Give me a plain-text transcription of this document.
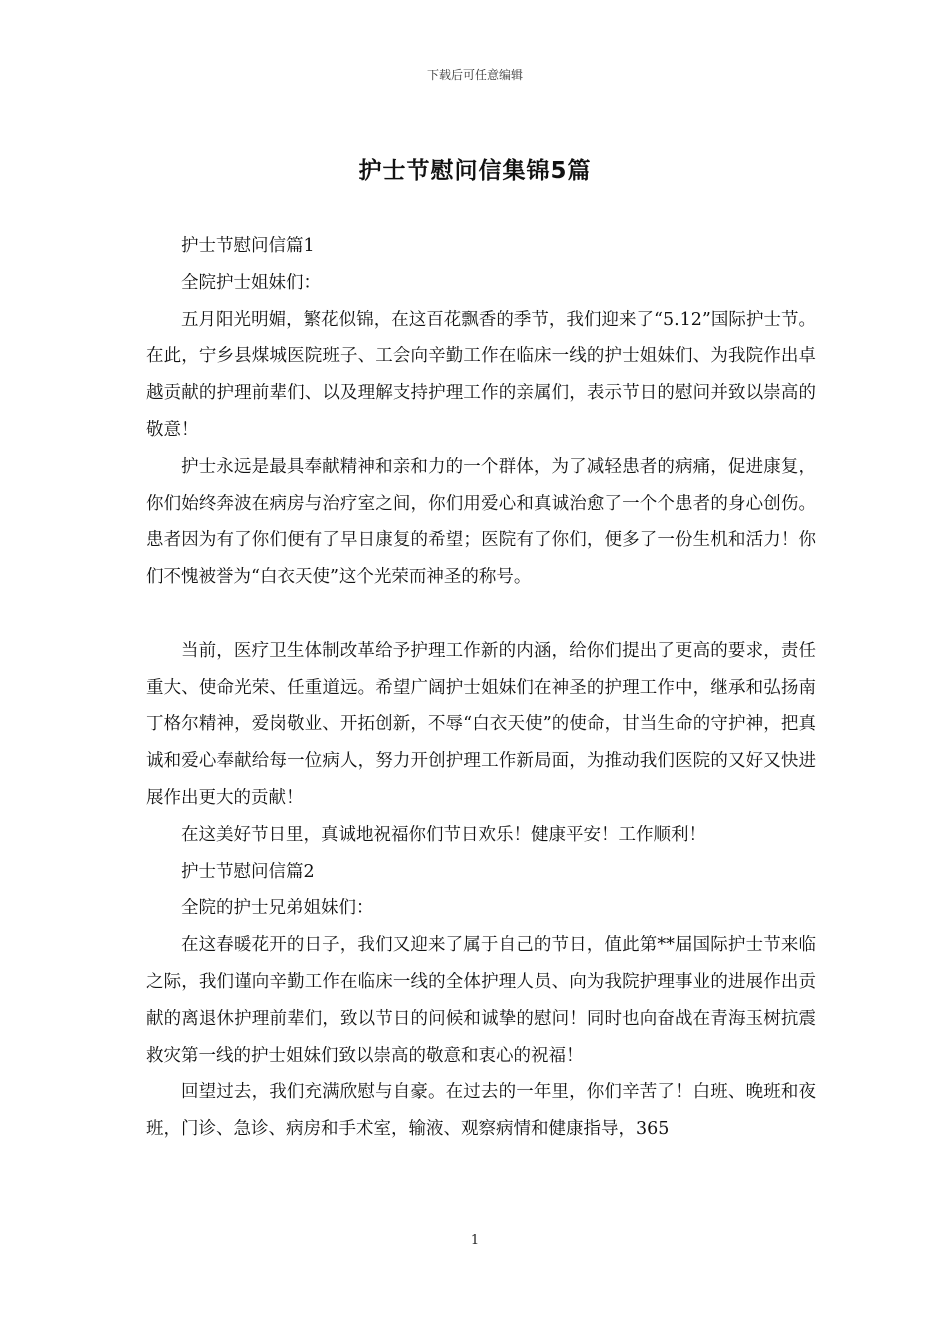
下载后可任意编辑
护士节慰问信集锦5篇

护士节慰问信篇1

全院护士姐妹们：

五月阳光明媚，繁花似锦，在这百花飘香的季节，我们迎来了“5.12”国际护士节。在此，宁乡县煤城医院班子、工会向辛勤工作在临床一线的护士姐妹们、为我院作出卓越贡献的护理前辈们、以及理解支持护理工作的亲属们，表示节日的慰问并致以崇高的敬意！

护士永远是最具奉献精神和亲和力的一个群体，为了减轻患者的病痛，促进康复，你们始终奔波在病房与治疗室之间，你们用爱心和真诚治愈了一个个患者的身心创伤。患者因为有了你们便有了早日康复的希望；医院有了你们，便多了一份生机和活力！你们不愧被誉为“白衣天使”这个光荣而神圣的称号。

当前，医疗卫生体制改革给予护理工作新的内涵，给你们提出了更高的要求，责任重大、使命光荣、任重道远。希望广阔护士姐妹们在神圣的护理工作中，继承和弘扬南丁格尔精神，爱岗敬业、开拓创新，不辱“白衣天使”的使命，甘当生命的守护神，把真诚和爱心奉献给每一位病人，努力开创护理工作新局面，为推动我们医院的又好又快进展作出更大的贡献！

在这美好节日里，真诚地祝福你们节日欢乐！健康平安！工作顺利！

护士节慰问信篇2

全院的护士兄弟姐妹们：

在这春暖花开的日子，我们又迎来了属于自己的节日，值此第**届国际护士节来临之际，我们谨向辛勤工作在临床一线的全体护理人员、向为我院护理事业的进展作出贡献的离退休护理前辈们，致以节日的问候和诚挚的慰问！同时也向奋战在青海玉树抗震救灾第一线的护士姐妹们致以崇高的敬意和衷心的祝福！

回望过去，我们充满欣慰与自豪。在过去的一年里，你们辛苦了！白班、晚班和夜班，门诊、急诊、病房和手术室，输液、观察病情和健康指导，365

1
